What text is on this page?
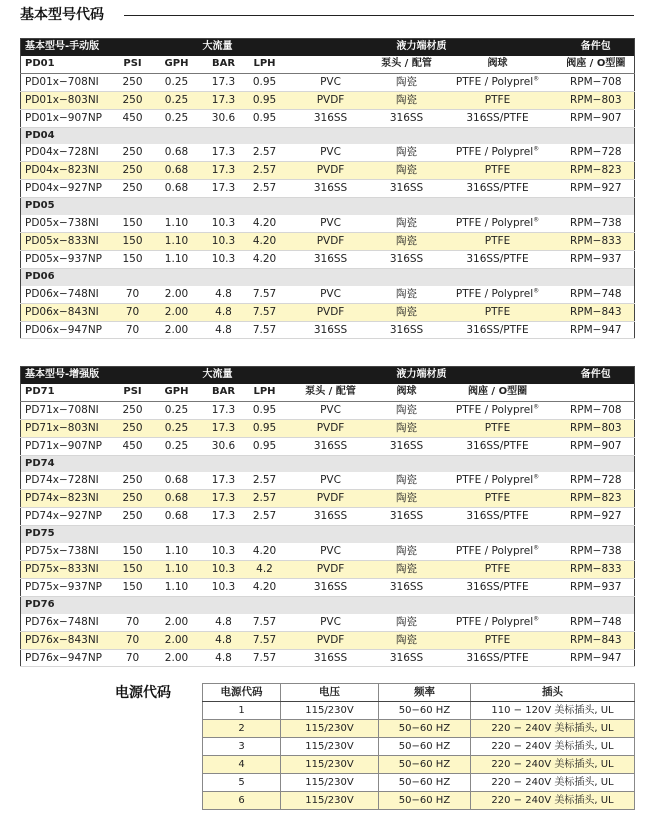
基本型号代码
基本型号-手动版		大流量			液力端材质			备件包
PD01	PSI	GPH	BAR	LPH		泵头 / 配管	阀球	阀座 / O型圈
PD01x−708NI	250	0.25	17.3	0.95	PVC	陶瓷	PTFE / Polyprel®	RPM−708
PD01x−803NI	250	0.25	17.3	0.95	PVDF	陶瓷	PTFE	RPM−803
PD01x−907NP	450	0.25	30.6	0.95	316SS	316SS	316SS/PTFE	RPM−907
PD04								
PD04x−728NI	250	0.68	17.3	2.57	PVC	陶瓷	PTFE / Polyprel®	RPM−728
PD04x−823NI	250	0.68	17.3	2.57	PVDF	陶瓷	PTFE	RPM−823
PD04x−927NP	250	0.68	17.3	2.57	316SS	316SS	316SS/PTFE	RPM−927
PD05								
PD05x−738NI	150	1.10	10.3	4.20	PVC	陶瓷	PTFE / Polyprel®	RPM−738
PD05x−833NI	150	1.10	10.3	4.20	PVDF	陶瓷	PTFE	RPM−833
PD05x−937NP	150	1.10	10.3	4.20	316SS	316SS	316SS/PTFE	RPM−937
PD06								
PD06x−748NI	70	2.00	4.8	7.57	PVC	陶瓷	PTFE / Polyprel®	RPM−748
PD06x−843NI	70	2.00	4.8	7.57	PVDF	陶瓷	PTFE	RPM−843
PD06x−947NP	70	2.00	4.8	7.57	316SS	316SS	316SS/PTFE	RPM−947
基本型号-增强版		大流量			液力端材质			备件包
PD71	PSI	GPH	BAR	LPH	泵头 / 配管	阀球	阀座 / O型圈	
PD71x−708NI	250	0.25	17.3	0.95	PVC	陶瓷	PTFE / Polyprel®	RPM−708
PD71x−803NI	250	0.25	17.3	0.95	PVDF	陶瓷	PTFE	RPM−803
PD71x−907NP	450	0.25	30.6	0.95	316SS	316SS	316SS/PTFE	RPM−907
PD74								
PD74x−728NI	250	0.68	17.3	2.57	PVC	陶瓷	PTFE / Polyprel®	RPM−728
PD74x−823NI	250	0.68	17.3	2.57	PVDF	陶瓷	PTFE	RPM−823
PD74x−927NP	250	0.68	17.3	2.57	316SS	316SS	316SS/PTFE	RPM−927
PD75								
PD75x−738NI	150	1.10	10.3	4.20	PVC	陶瓷	PTFE / Polyprel®	RPM−738
PD75x−833NI	150	1.10	10.3	4.2	PVDF	陶瓷	PTFE	RPM−833
PD75x−937NP	150	1.10	10.3	4.20	316SS	316SS	316SS/PTFE	RPM−937
PD76								
PD76x−748NI	70	2.00	4.8	7.57	PVC	陶瓷	PTFE / Polyprel®	RPM−748
PD76x−843NI	70	2.00	4.8	7.57	PVDF	陶瓷	PTFE	RPM−843
PD76x−947NP	70	2.00	4.8	7.57	316SS	316SS	316SS/PTFE	RPM−947
电源代码	电源代码	电压	频率	插头
1	115/230V	50−60 HZ	110 − 120V 美标插头, UL
2	115/230V	50−60 HZ	220 − 240V 美标插头, UL
3	115/230V	50−60 HZ	220 − 240V 美标插头, UL
4	115/230V	50−60 HZ	220 − 240V 美标插头, UL
5	115/230V	50−60 HZ	220 − 240V 美标插头, UL
6	115/230V	50−60 HZ	220 − 240V 美标插头, UL
